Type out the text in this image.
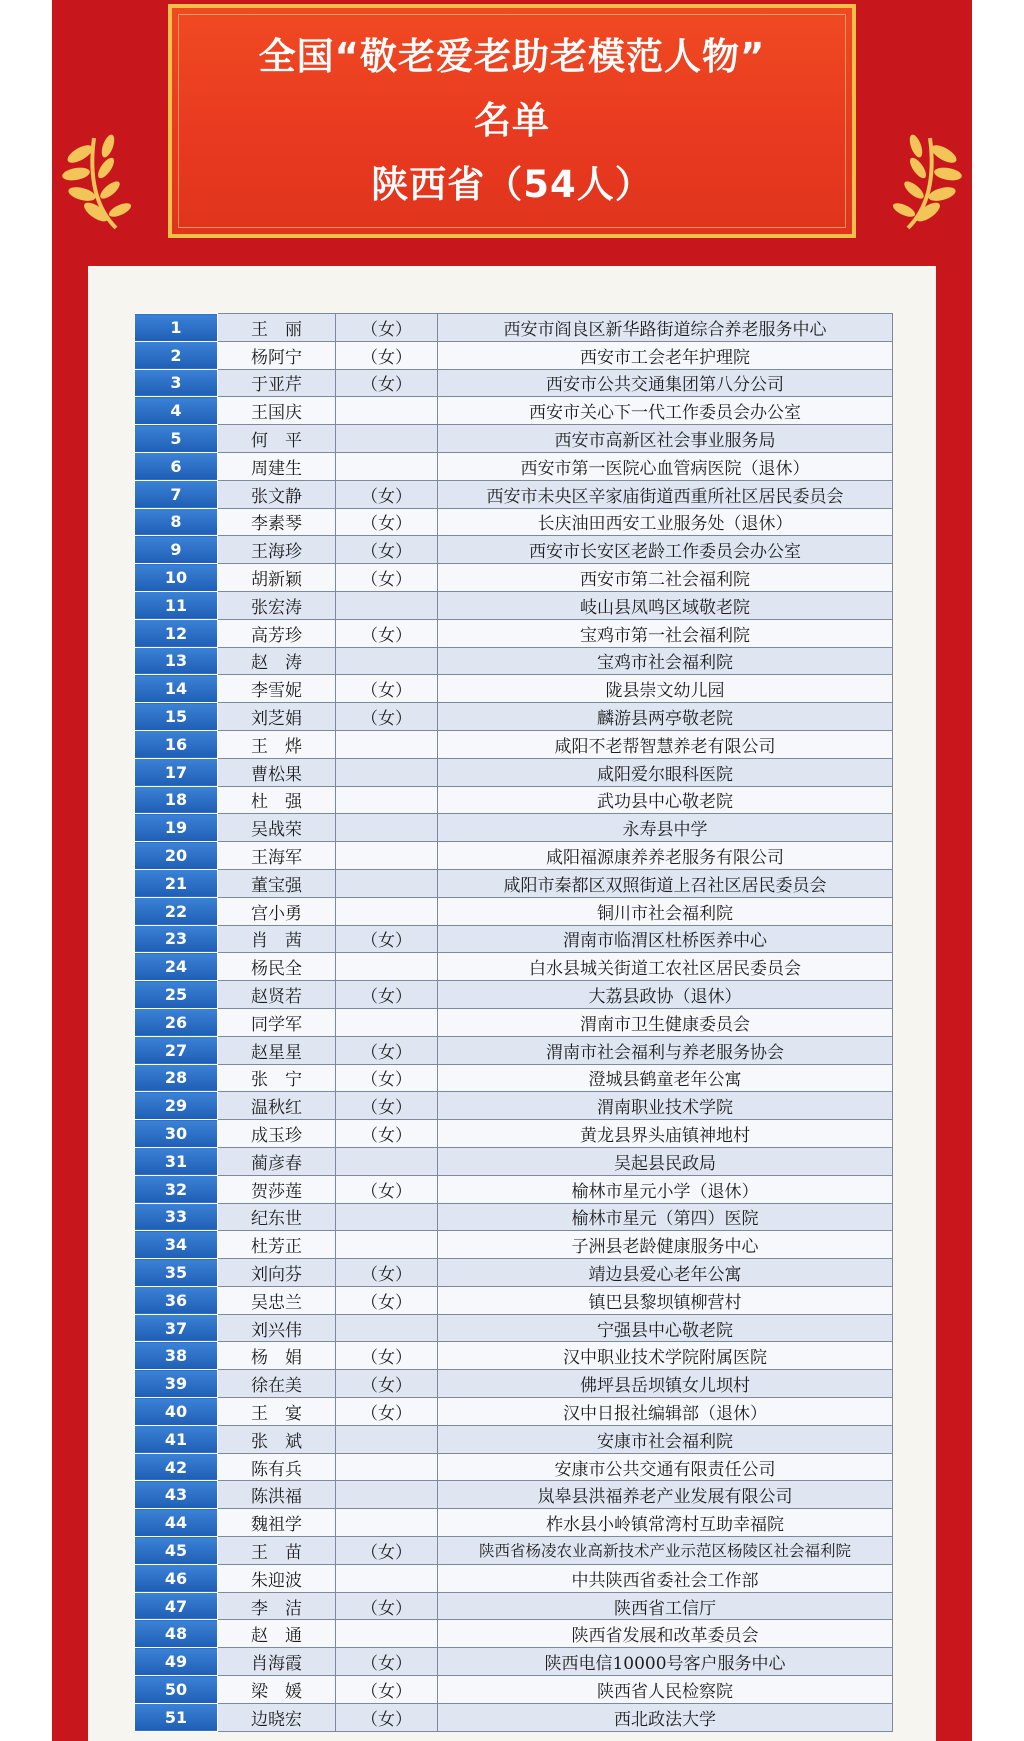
全国“敬老爱老助老模范人物”
名单
陕西省（54人）
1	王　丽	（女）	西安市阎良区新华路街道综合养老服务中心
2	杨阿宁	（女）	西安市工会老年护理院
3	于亚芹	（女）	西安市公共交通集团第八分公司
4	王国庆		西安市关心下一代工作委员会办公室
5	何　平		西安市高新区社会事业服务局
6	周建生		西安市第一医院心血管病医院（退休）
7	张文静	（女）	西安市未央区辛家庙街道西重所社区居民委员会
8	李素琴	（女）	长庆油田西安工业服务处（退休）
9	王海珍	（女）	西安市长安区老龄工作委员会办公室
10	胡新颖	（女）	西安市第二社会福利院
11	张宏涛		岐山县凤鸣区域敬老院
12	高芳珍	（女）	宝鸡市第一社会福利院
13	赵　涛		宝鸡市社会福利院
14	李雪妮	（女）	陇县崇文幼儿园
15	刘芝娟	（女）	麟游县两亭敬老院
16	王　烨		咸阳不老帮智慧养老有限公司
17	曹松果		咸阳爱尔眼科医院
18	杜　强		武功县中心敬老院
19	吴战荣		永寿县中学
20	王海军		咸阳福源康养养老服务有限公司
21	董宝强		咸阳市秦都区双照街道上召社区居民委员会
22	宫小勇		铜川市社会福利院
23	肖　茜	（女）	渭南市临渭区杜桥医养中心
24	杨民全		白水县城关街道工农社区居民委员会
25	赵贤若	（女）	大荔县政协（退休）
26	同学军		渭南市卫生健康委员会
27	赵星星	（女）	渭南市社会福利与养老服务协会
28	张　宁	（女）	澄城县鹤童老年公寓
29	温秋红	（女）	渭南职业技术学院
30	成玉珍	（女）	黄龙县界头庙镇神地村
31	蔺彦春		吴起县民政局
32	贺莎莲	（女）	榆林市星元小学（退休）
33	纪东世		榆林市星元（第四）医院
34	杜芳正		子洲县老龄健康服务中心
35	刘向芬	（女）	靖边县爱心老年公寓
36	吴忠兰	（女）	镇巴县黎坝镇柳营村
37	刘兴伟		宁强县中心敬老院
38	杨　娟	（女）	汉中职业技术学院附属医院
39	徐在美	（女）	佛坪县岳坝镇女儿坝村
40	王　宴	（女）	汉中日报社编辑部（退休）
41	张　斌		安康市社会福利院
42	陈有兵		安康市公共交通有限责任公司
43	陈洪福		岚皋县洪福养老产业发展有限公司
44	魏祖学		柞水县小岭镇常湾村互助幸福院
45	王　苗	（女）	陕西省杨凌农业高新技术产业示范区杨陵区社会福利院
46	朱迎波		中共陕西省委社会工作部
47	李　洁	（女）	陕西省工信厅
48	赵　通		陕西省发展和改革委员会
49	肖海霞	（女）	陕西电信10000号客户服务中心
50	梁　媛	（女）	陕西省人民检察院
51	边晓宏	（女）	西北政法大学
